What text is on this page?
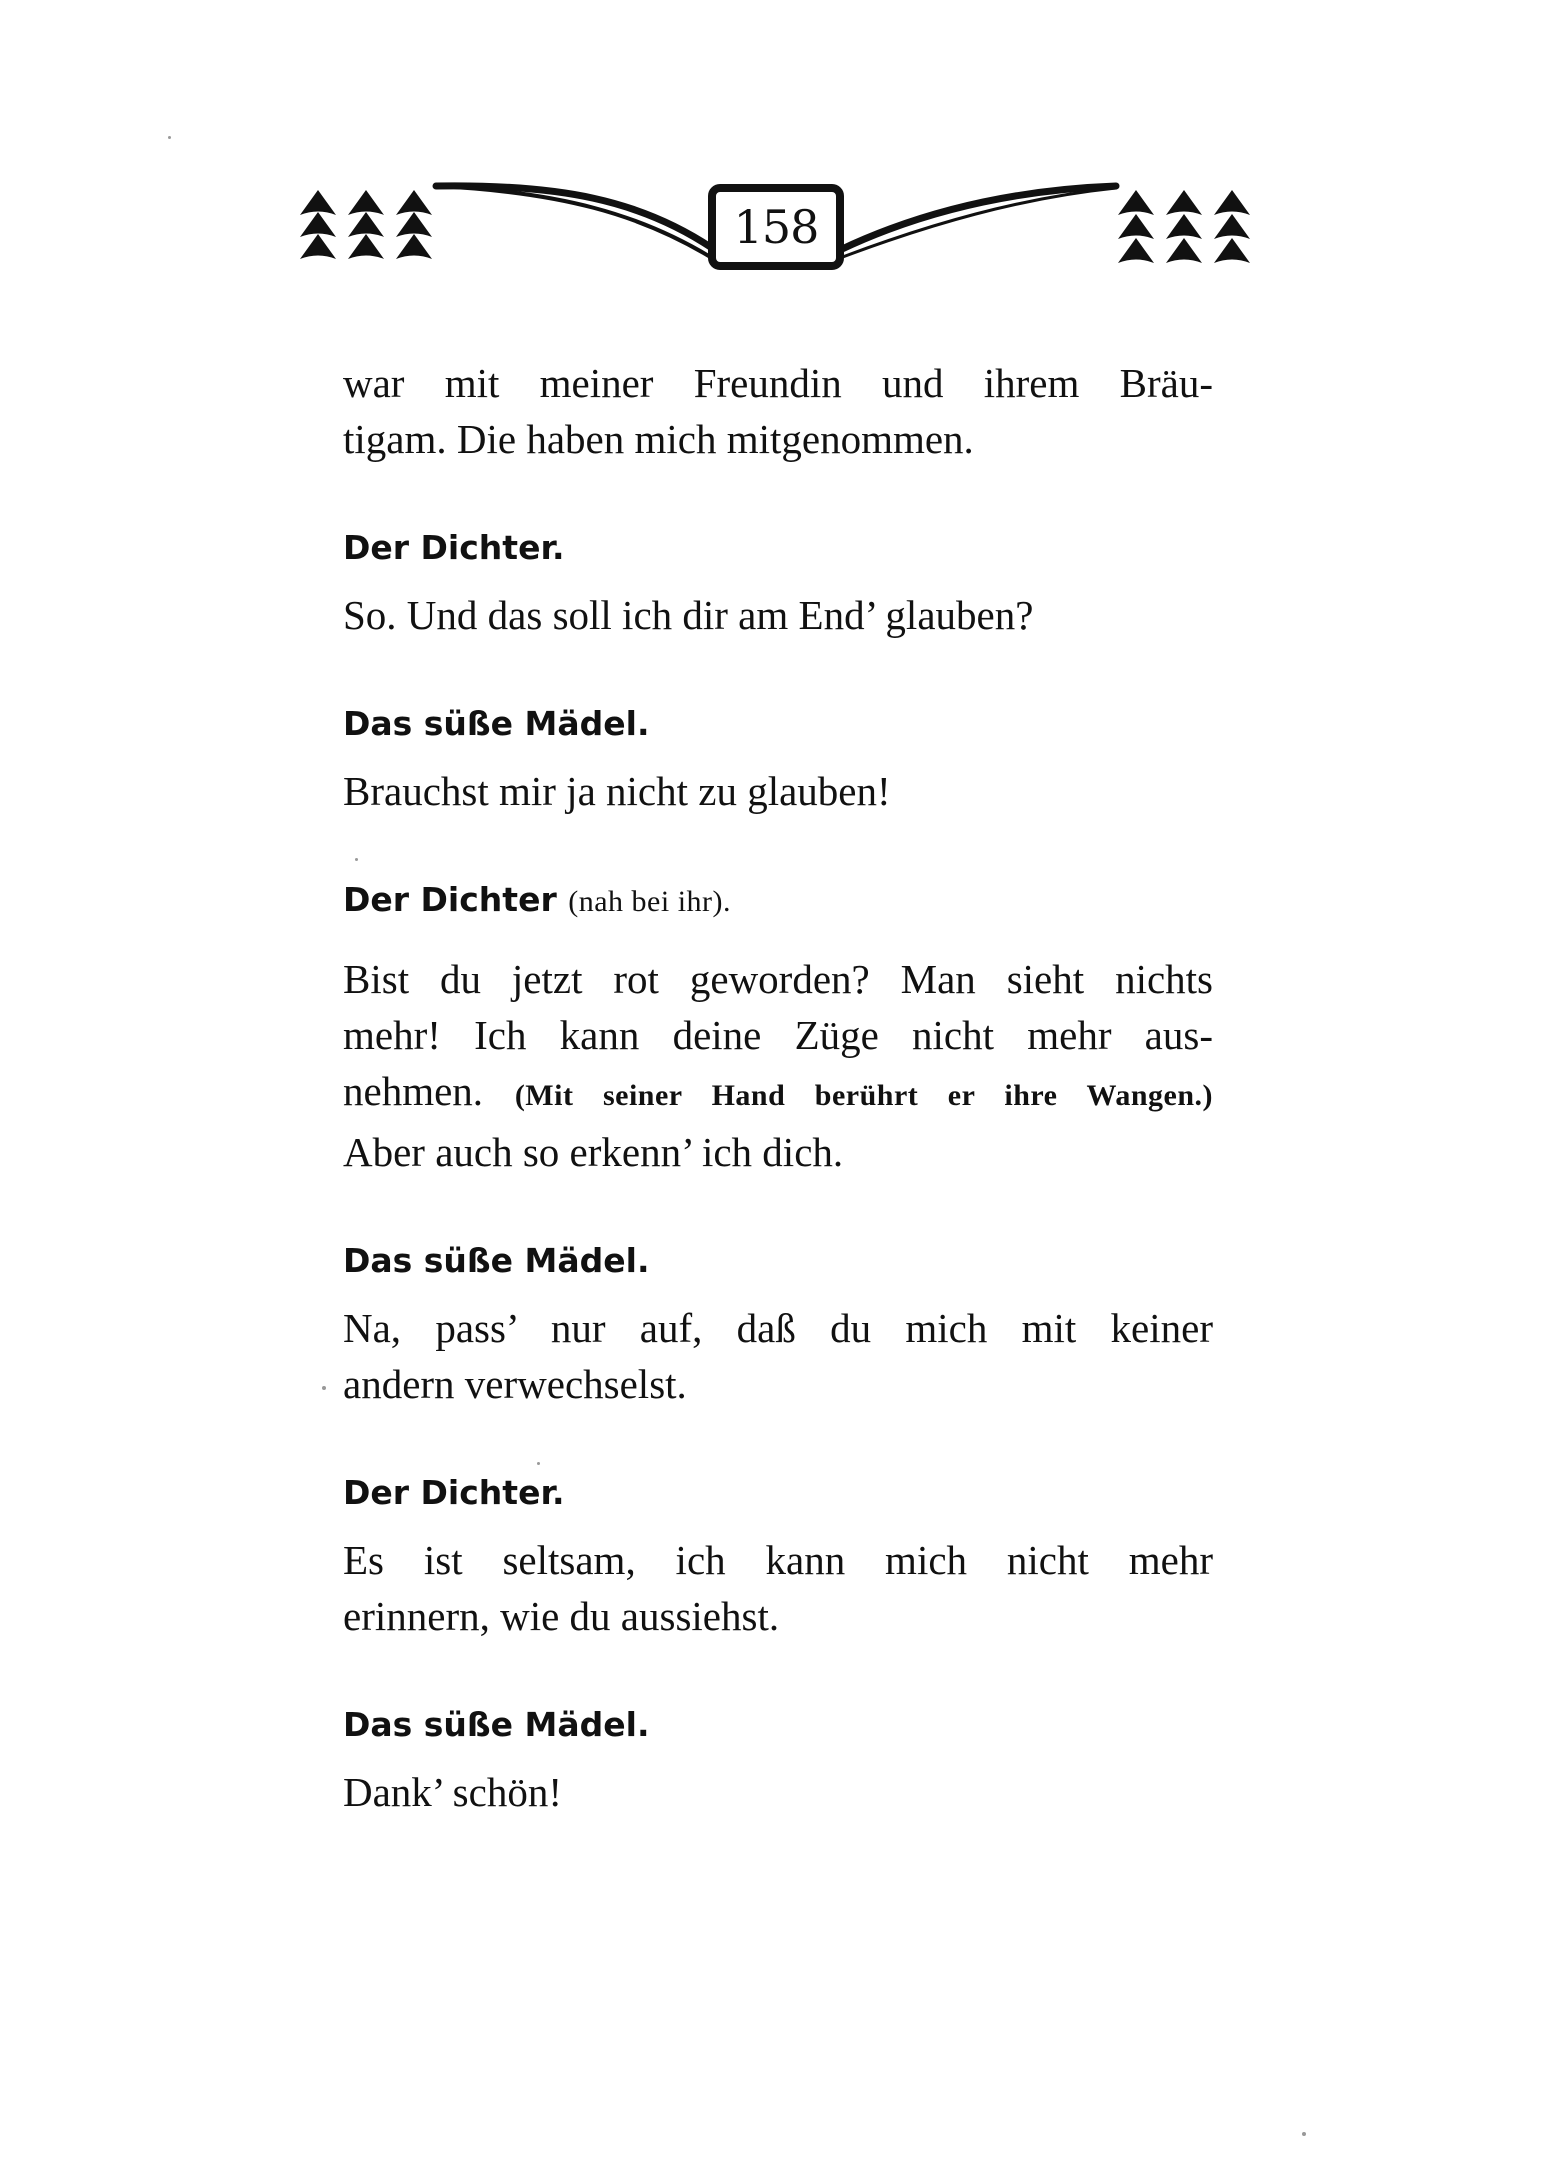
158
war mit meiner Freundin und ihrem Bräu-
tigam. Die haben mich mitgenommen.
Der Dichter.
So. Und das soll ich dir am End’ glauben?
Das süße Mädel.
Brauchst mir ja nicht zu glauben!
Der Dichter (nah bei ihr).
Bist du jetzt rot geworden? Man sieht nichts
mehr! Ich kann deine Züge nicht mehr aus-
nehmen. (Mit seiner Hand berührt er ihre Wangen.)
Aber auch so erkenn’ ich dich.
Das süße Mädel.
Na, pass’ nur auf, daß du mich mit keiner
andern verwechselst.
Der Dichter.
Es ist seltsam, ich kann mich nicht mehr
erinnern, wie du aussiehst.
Das süße Mädel.
Dank’ schön!
